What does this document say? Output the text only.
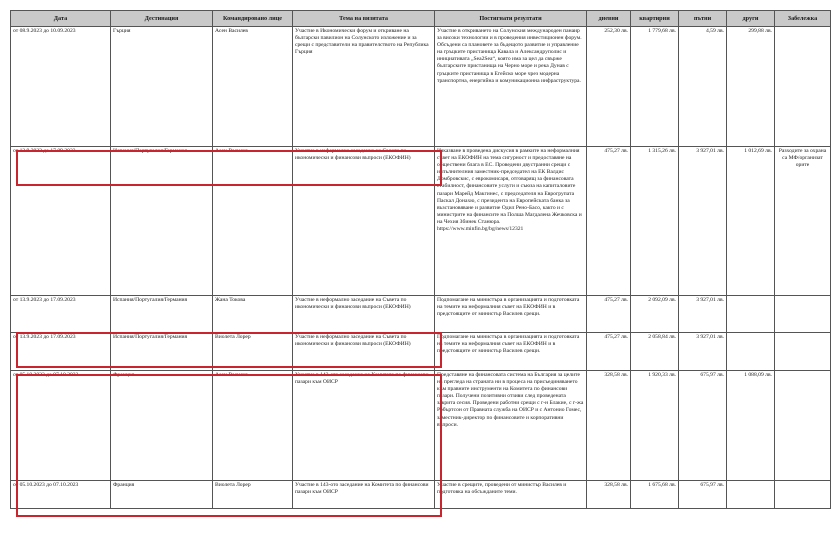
Дата	Дестинация	Командировано лице	Тема на визитата	Постигнати резултати	дневни	квартирни	пътни	други	Забележка
от 08.9.2023 до 10.09.2023	Гърция	Асен Василев	Участие в Икономически форум и откриване на български павилион на Солунското изложение и за срещи с представители на правителството на Република Гърция	Участие в откриването на Солунския международен панаир за високи технологии и в проведения инвестиционен форум. Обсъдени са плановете за бъдещото развитие и управление на гръцките пристанища Кавала и Александруполис и инициативата „Sea2Sea“, която има за цел да свърже българските пристанища на Черно море и река Дунав с гръцките пристанища в Егейско море чрез модерна транспортна, енергийна и комуникационна инфраструктура.	252,30 лв.	1 779,68 лв.	4,59 лв.	299,88 лв.	
от 13.9.2023 до 17.09.2023	Испания/Португалия/Германия	Асен Василев	Участие в неформално заседание на Съвета по икономически и финансови въпроси (ЕКОФИН)	Изказване в проведена дискусия в рамките на неформалния съвет на ЕКОФИН на тема сигурност и предоставяне на обществени блага в ЕС. Проведени двустранни срещи с изпълнителния заместник-председател на ЕК Валдис Домбровскис, с еврокомисаря, отговарящ за финансовата стабилност, финансовите услуги и съюза на капиталовите пазари Марейд Макгинес, с председателя на Еврогрупата Паскал Донахю, с президента на Европейската банка за възстановяване и развитие Одил Рено-Басо, както и с министрите на финансите на Полша Магдалена Жечковска и на Чехия Збинек Станюра. https://www.minfin.bg/bg/news/12321	475,27 лв.	1 315,26 лв.	3 927,01 лв.	1 012,69 лв.	Разходите за охрана са МФ/организат орите
от 13.9.2023 до 17.09.2023	Испания/Португалия/Германия	Жана Токова	Участие в неформално заседание на Съвета по икономически и финансови въпроси (ЕКОФИН)	Подпомагане на министъра в организацията и подготовката на темите на неформалния съвет на ЕКОФИН и в предстоящите от министър Василев срещи.	475,27 лв.	2 092,09 лв.	3 927,01 лв.		
от 13.9.2023 до 17.09.2023	Испания/Португалия/Германия	Виолета Лорер	Участие в неформално заседание на Съвета по икономически и финансови въпроси (ЕКОФИН)	Подпомагане на министъра в организацията и подготовката на темите на неформалния съвет на ЕКОФИН и в предстоящите от министър Василев срещи.	475,27 лв.	2 058,84 лв.	3 927,01 лв.		
от 05.10.2023 до 07.10.2023	Франция	Асен Василев	Участие в 143-ото заседание на Комитета по финансови пазари към ОИСР	Представяне на финансовата система на България за целите на прегледа на страната ни в процеса на присъединяването към правните инструменти на Комитета по финансови пазари. Получени позитивни отзиви след проведената закрита сесия. Проведени работни срещи с г-н Блакие, с г-жа Робъртсон от Правната служба на ОИСР и с Антонио Гомес, заместник-директор по финансовите и корпоративни въпроси.	328,58 лв.	1 920,33 лв.	675,97 лв.	1 088,09 лв.	
от 05.10.2023 до 07.10.2023	Франция	Виолета Лорер	Участие в 143-ото заседание на Комитета по финансови пазари към ОИСР	Участие в срещите, проведени от министър Василев и подготовка на обсъжданите теми.	328,58 лв.	1 675,68 лв.	675,97 лв.		
